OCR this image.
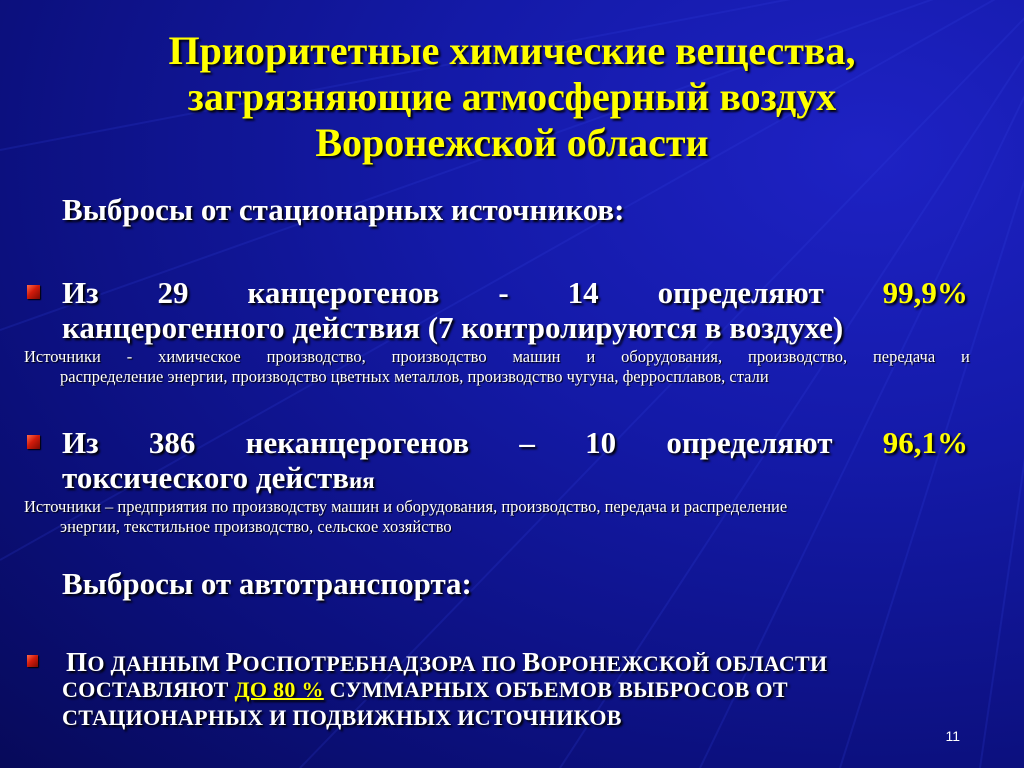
Приоритетные химические вещества,
загрязняющие атмосферный воздух
Воронежской области
Выбросы от стационарных источников:
Из 29 канцерогенов - 14 определяют 99,9%
канцерогенного действия (7 контролируются в воздухе)
Источники - химическое производство, производство машин и оборудования, производство, передача и
распределение энергии, производство цветных металлов, производство чугуна, ферросплавов, стали
Из 386 неканцерогенов – 10 определяют 96,1%
токсического действия
Источники – предприятия по производству машин и оборудования, производство, передача и распределение
энергии, текстильное производство, сельское хозяйство
Выбросы от автотранспорта:
ПО ДАННЫМ РОСПОТРЕБНАДЗОРА ПО ВОРОНЕЖСКОЙ ОБЛАСТИ
СОСТАВЛЯЮТ ДО 80 % СУММАРНЫХ ОБЪЕМОВ ВЫБРОСОВ ОТ
СТАЦИОНАРНЫХ И ПОДВИЖНЫХ ИСТОЧНИКОВ
11
